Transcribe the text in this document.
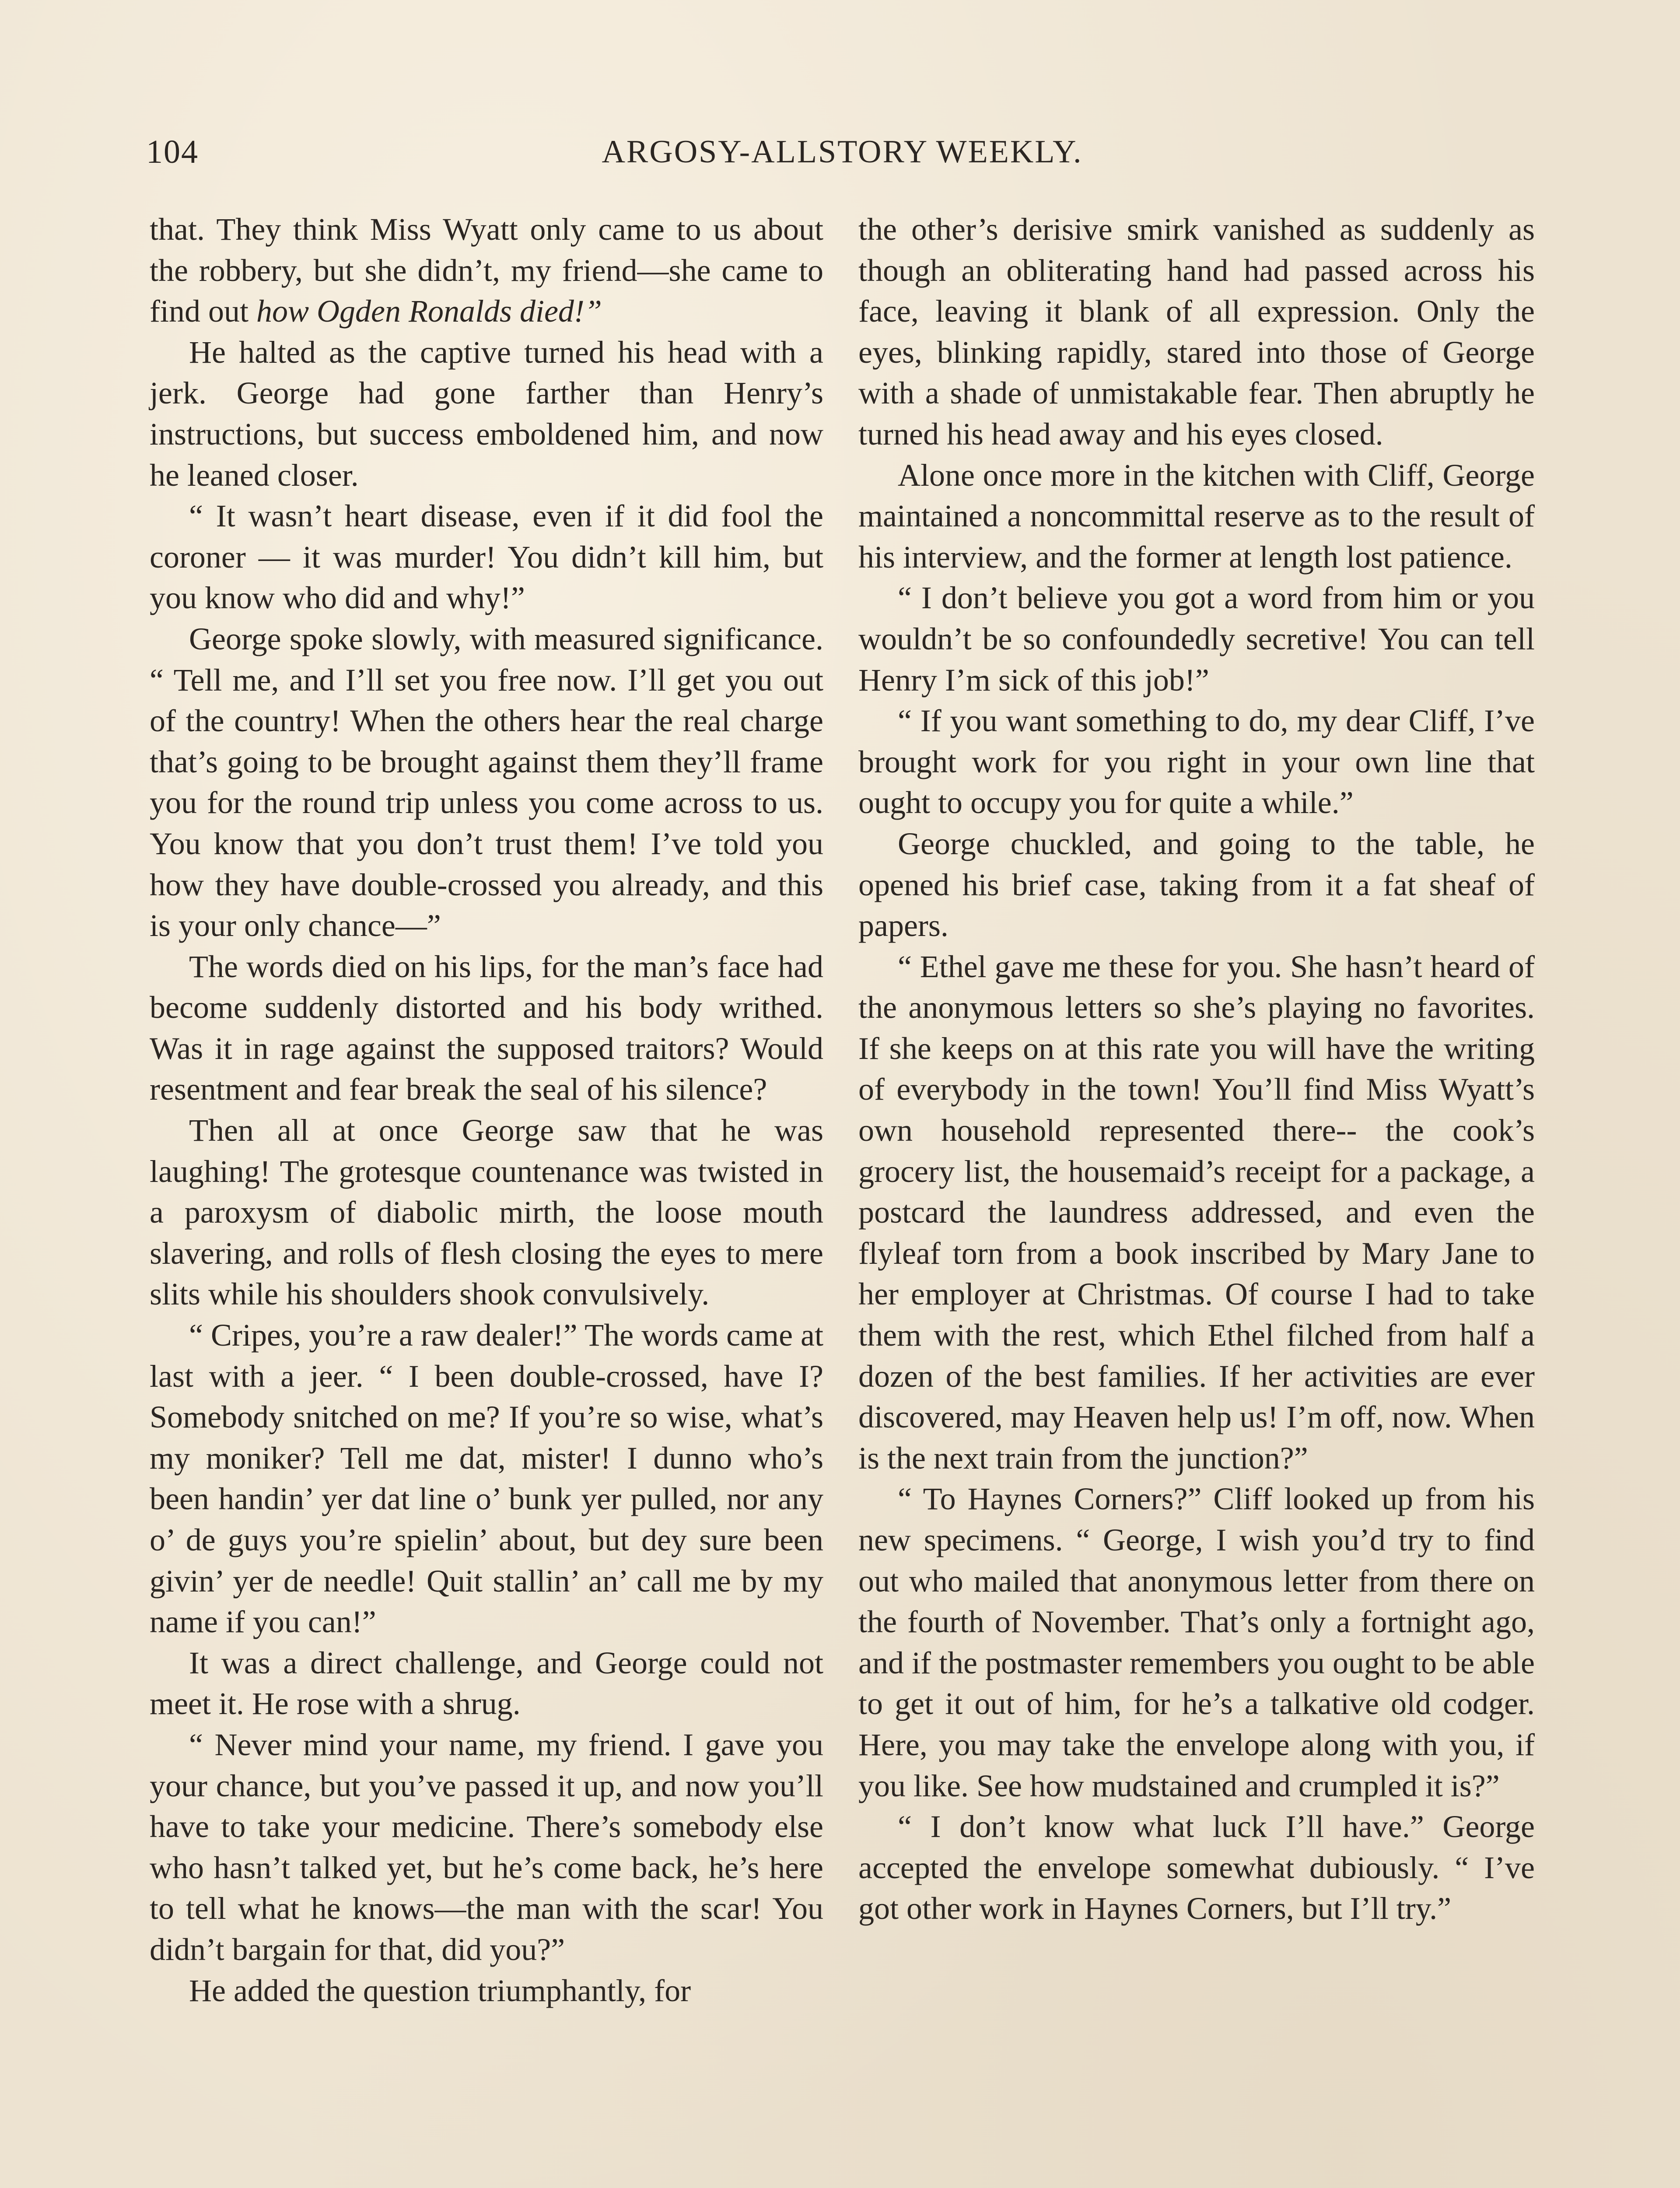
104	ARGOSY-ALLSTORY WEEKLY.

that. They think Miss Wyatt only came to us about the robbery, but she didn’t, my friend—she came to find out how Ogden Ronalds died!”

He halted as the captive turned his head with a jerk. George had gone farther than Henry’s instructions, but success emboldened him, and now he leaned closer.

“ It wasn’t heart disease, even if it did fool the coroner — it was murder! You didn’t kill him, but you know who did and why!”

George spoke slowly, with measured significance. “ Tell me, and I’ll set you free now. I’ll get you out of the country! When the others hear the real charge that’s going to be brought against them they’ll frame you for the round trip unless you come across to us. You know that you don’t trust them! I’ve told you how they have double-crossed you already, and this is your only chance—”

The words died on his lips, for the man’s face had become suddenly distorted and his body writhed. Was it in rage against the supposed traitors? Would resentment and fear break the seal of his silence?

Then all at once George saw that he was laughing! The grotesque countenance was twisted in a paroxysm of diabolic mirth, the loose mouth slavering, and rolls of flesh closing the eyes to mere slits while his shoulders shook convulsively.

“ Cripes, you’re a raw dealer!” The words came at last with a jeer. “ I been double-crossed, have I? Somebody snitched on me? If you’re so wise, what’s my moniker? Tell me dat, mister! I dunno who’s been handin’ yer dat line o’ bunk yer pulled, nor any o’ de guys you’re spielin’ about, but dey sure been givin’ yer de needle! Quit stallin’ an’ call me by my name if you can!”

It was a direct challenge, and George could not meet it. He rose with a shrug.

“ Never mind your name, my friend. I gave you your chance, but you’ve passed it up, and now you’ll have to take your medicine. There’s somebody else who hasn’t talked yet, but he’s come back, he’s here to tell what he knows—the man with the scar! You didn’t bargain for that, did you?”

He added the question triumphantly, for

the other’s derisive smirk vanished as suddenly as though an obliterating hand had passed across his face, leaving it blank of all expression. Only the eyes, blinking rapidly, stared into those of George with a shade of unmistakable fear. Then abruptly he turned his head away and his eyes closed.

Alone once more in the kitchen with Cliff, George maintained a noncommittal reserve as to the result of his interview, and the former at length lost patience.

“ I don’t believe you got a word from him or you wouldn’t be so confoundedly secretive! You can tell Henry I’m sick of this job!”

“ If you want something to do, my dear Cliff, I’ve brought work for you right in your own line that ought to occupy you for quite a while.”

George chuckled, and going to the table, he opened his brief case, taking from it a fat sheaf of papers.

“ Ethel gave me these for you. She hasn’t heard of the anonymous letters so she’s playing no favorites. If she keeps on at this rate you will have the writing of everybody in the town! You’ll find Miss Wyatt’s own household represented there-- the cook’s grocery list, the housemaid’s receipt for a package, a postcard the laundress addressed, and even the flyleaf torn from a book inscribed by Mary Jane to her employer at Christmas. Of course I had to take them with the rest, which Ethel filched from half a dozen of the best families. If her activities are ever discovered, may Heaven help us! I’m off, now. When is the next train from the junction?”

“ To Haynes Corners?” Cliff looked up from his new specimens. “ George, I wish you’d try to find out who mailed that anonymous letter from there on the fourth of November. That’s only a fortnight ago, and if the postmaster remembers you ought to be able to get it out of him, for he’s a talkative old codger. Here, you may take the envelope along with you, if you like. See how mudstained and crumpled it is?”

“ I don’t know what luck I’ll have.” George accepted the envelope somewhat dubiously. “ I’ve got other work in Haynes Corners, but I’ll try.”
